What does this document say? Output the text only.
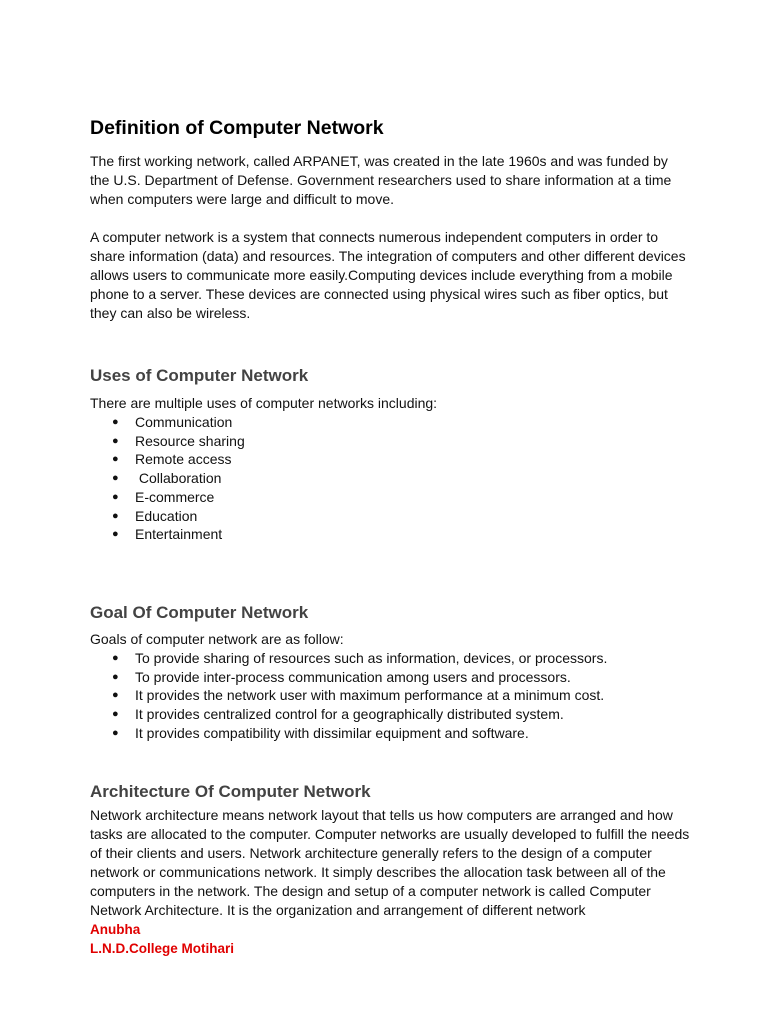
Definition of Computer Network

The first working network, called ARPANET, was created in the late 1960s and was funded by the U.S. Department of Defense. Government researchers used to share information at a time when computers were large and difficult to move.

A computer network is a system that connects numerous independent computers in order to share information (data) and resources. The integration of computers and other different devices allows users to communicate more easily.Computing devices include everything from a mobile phone to a server. These devices are connected using physical wires such as fiber optics, but they can also be wireless.

Uses of Computer Network

There are multiple uses of computer networks including:

● Communication
● Resource sharing
● Remote access
● Collaboration
● E-commerce
● Education
● Entertainment
Goal Of Computer Network

Goals of computer network are as follow:

● To provide sharing of resources such as information, devices, or processors.
● To provide inter-process communication among users and processors.
● It provides the network user with maximum performance at a minimum cost.
● It provides centralized control for a geographically distributed system.
● It provides compatibility with dissimilar equipment and software.
Architecture Of Computer Network

Network architecture means network layout that tells us how computers are arranged and how tasks are allocated to the computer. Computer networks are usually developed to fulfill the needs of their clients and users. Network architecture generally refers to the design of a computer network or communications network. It simply describes the allocation task between all of the computers in the network. The design and setup of a computer network is called Computer Network Architecture. It is the organization and arrangement of different network

Anubha
L.N.D.College Motihari
